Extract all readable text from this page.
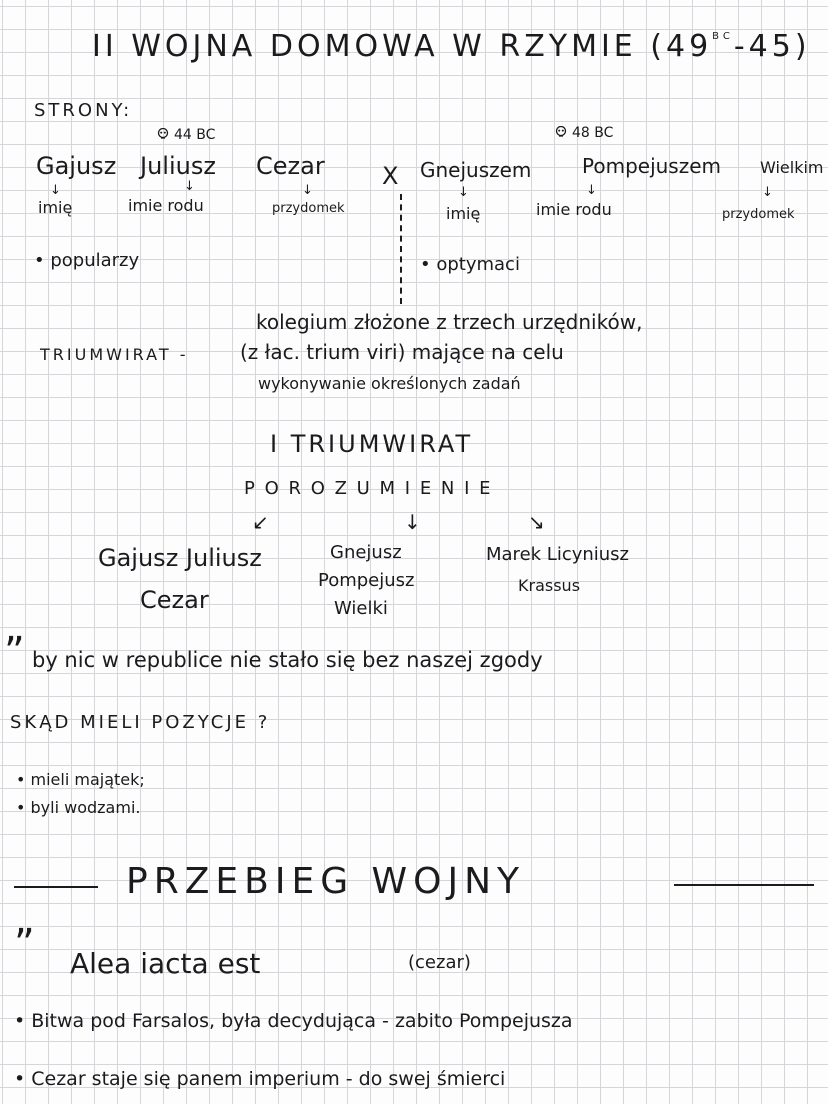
II WOJNA DOMOWA W RZYMIE $(49^{BC}-45)$
STRONY:
44 BC
Gajusz Juliusz Cezar
↓	↓	↓
imię	imie rodu	przydomek
• popularzy
X
48 BC
Gnejuszem	Pompejuszem Wielkim
↓	↓	↓
imię	imie rodu	przydomek
• optymaci
kolegium złożone z trzech urzędników,
TRIUMWIRAT -	(z łac. trium viri) mające na celu
wykonywanie określonych zadań
I TRIUMWIRAT
P O R O Z U M I E N I E
↙	↓	↘
Gajusz Juliusz
Cezar
Gnejusz
Pompejusz
Wielki
Marek Licyniusz
Krassus
„
by nic w republice nie stało się bez naszej zgody
SKĄD MIELI POZYCJE ?
• mieli majątek;
• byli wodzami.
PRZEBIEG WOJNY
„
Alea iacta est	(cezar)
• Bitwa pod Farsalos, była decydująca - zabito Pompejusza
• Cezar staje się panem imperium - do swej śmierci
